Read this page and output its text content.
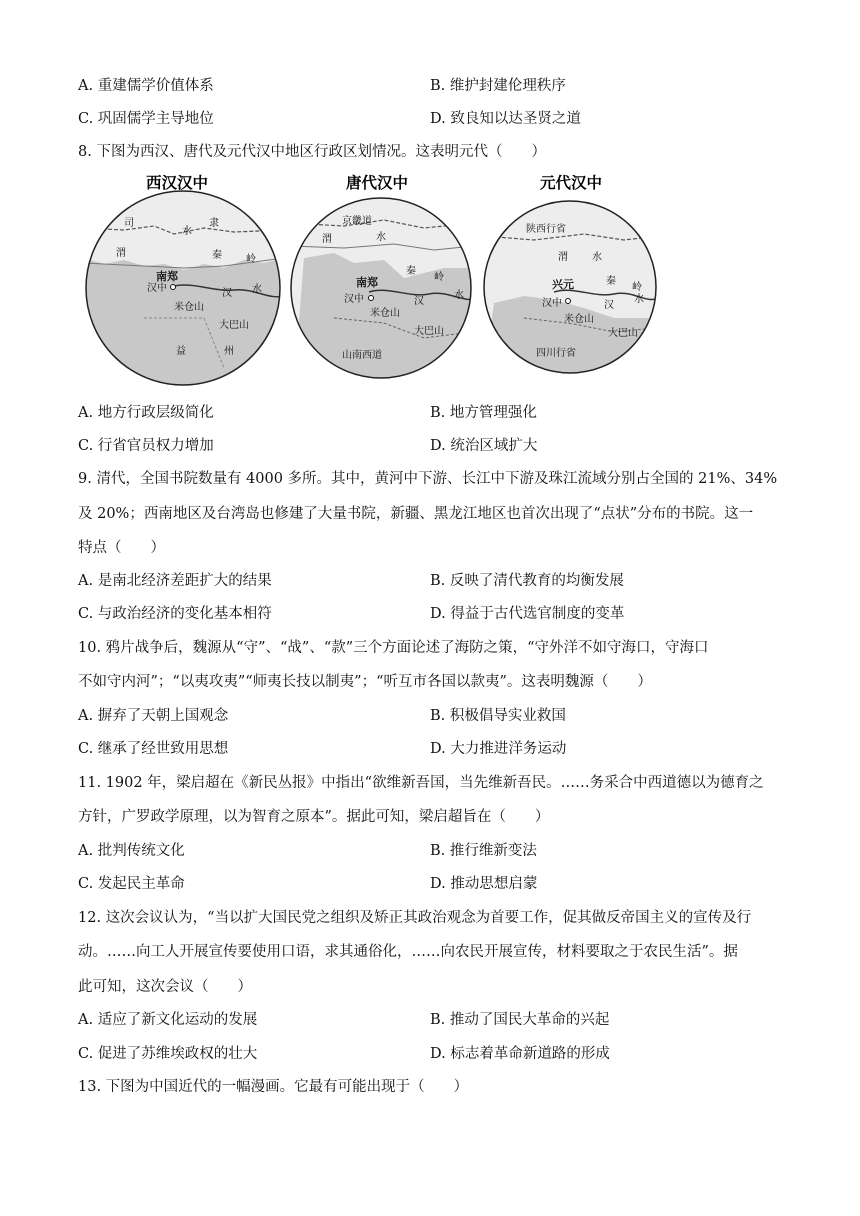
A. 重建儒学价值体系	B. 维护封建伦理秩序
C. 巩固儒学主导地位	D. 致良知以达圣贤之道
8. 下图为西汉、唐代及元代汉中地区行政区划情况。这表明元代（　　）
西汉汉中
司	隶
渭
水
秦 岭
南郑
汉中	汉 水
米仓山
大巴山
益	州
唐代汉中
京畿道
渭	水
秦
岭
南郑
汉中	汉
水
米仓山
大巴山
山南西道
元代汉中
陕西行省
渭 水
秦
岭
兴元
汉中	汉
水
米仓山
大巴山
四川行省
A. 地方行政层级简化	B. 地方管理强化
C. 行省官员权力增加	D. 统治区域扩大
9. 清代，全国书院数量有 4000 多所。其中，黄河中下游、长江中下游及珠江流域分别占全国的 21%、34%
及 20%；西南地区及台湾岛也修建了大量书院，新疆、黑龙江地区也首次出现了“点状”分布的书院。这一
特点（　　）
A. 是南北经济差距扩大的结果	B. 反映了清代教育的均衡发展
C. 与政治经济的变化基本相符	D. 得益于古代选官制度的变革
10. 鸦片战争后，魏源从“守”、“战”、“款”三个方面论述了海防之策，“守外洋不如守海口，守海口
不如守内河”；“以夷攻夷”“师夷长技以制夷”；“听互市各国以款夷”。这表明魏源（　　）
A. 摒弃了天朝上国观念	B. 积极倡导实业救国
C. 继承了经世致用思想	D. 大力推进洋务运动
11. 1902 年，梁启超在《新民丛报》中指出“欲维新吾国，当先维新吾民。……务采合中西道德以为德育之
方针，广罗政学原理，以为智育之原本”。据此可知，梁启超旨在（　　）
A. 批判传统文化	B. 推行维新变法
C. 发起民主革命	D. 推动思想启蒙
12. 这次会议认为，“当以扩大国民党之组织及矫正其政治观念为首要工作，促其做反帝国主义的宣传及行
动。……向工人开展宣传要使用口语，求其通俗化，……向农民开展宣传，材料要取之于农民生活”。据
此可知，这次会议（　　）
A. 适应了新文化运动的发展	B. 推动了国民大革命的兴起
C. 促进了苏维埃政权的壮大	D. 标志着革命新道路的形成
13. 下图为中国近代的一幅漫画。它最有可能出现于（　　）
